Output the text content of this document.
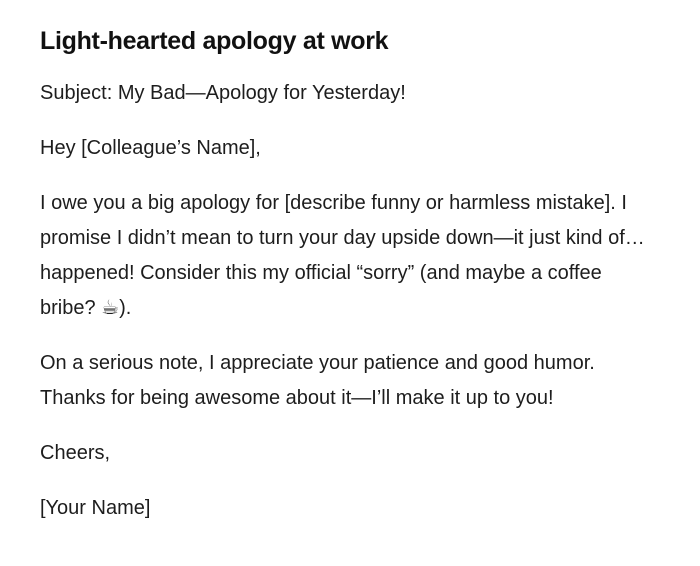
Light-hearted apology at work

Subject: My Bad—Apology for Yesterday!

Hey [Colleague’s Name],

I owe you a big apology for [describe funny or harmless mistake]. I promise I didn’t mean to turn your day upside down—it just kind of… happened! Consider this my official “sorry” (and maybe a coffee bribe? ☕).

On a serious note, I appreciate your patience and good humor. Thanks for being awesome about it—I’ll make it up to you!

Cheers,

[Your Name]
